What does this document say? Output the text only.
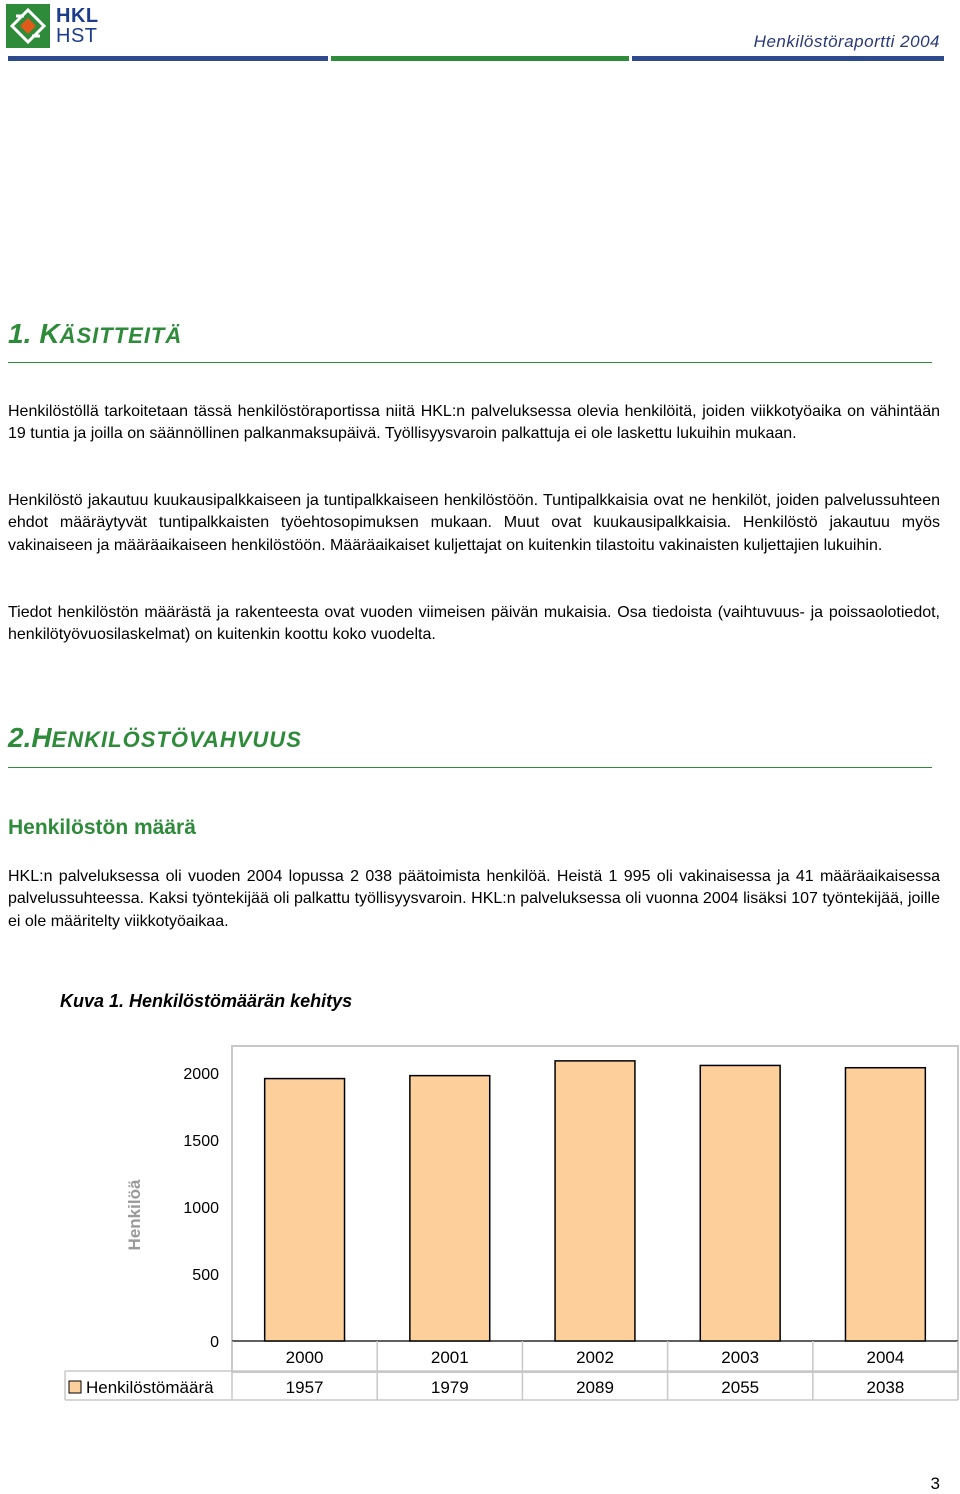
HKL
HST	Henkilöstöraportti 2004
1. KÄSITTEITÄ

Henkilöstöllä tarkoitetaan tässä henkilöstöraportissa niitä HKL:n palveluksessa olevia henkilöitä, joiden viikkotyöaika on vähintään 19 tuntia ja joilla on säännöllinen palkanmaksupäivä. Työllisyysvaroin palkattuja ei ole laskettu lukuihin mukaan.

Henkilöstö jakautuu kuukausipalkkaiseen ja tuntipalkkaiseen henkilöstöön. Tuntipalkkaisia ovat ne henkilöt, joiden palvelussuhteen ehdot määräytyvät tuntipalkkaisten työehtosopimuksen mukaan. Muut ovat kuukausipalkkaisia. Henkilöstö jakautuu myös vakinaiseen ja määräaikaiseen henkilöstöön. Määräaikaiset kuljettajat on kuitenkin tilastoitu vakinaisten kuljettajien lukuihin.

Tiedot henkilöstön määrästä ja rakenteesta ovat vuoden viimeisen päivän mukaisia. Osa tiedoista (vaihtuvuus- ja poissaolotiedot, henkilötyövuosilaskelmat) on kuitenkin koottu koko vuodelta.

2.HENKILÖSTÖVAHVUUS
Henkilöstön määrä

HKL:n palveluksessa oli vuoden 2004 lopussa 2 038 päätoimista henkilöä. Heistä 1 995 oli vakinaisessa ja 41 määräaikaisessa palvelussuhteessa. Kaksi työntekijää oli palkattu työllisyysvaroin. HKL:n palveluksessa oli vuonna 2004 lisäksi 107 työntekijää, joille ei ole määritelty viikkotyöaikaa.

Kuva 1. Henkilöstömäärän kehitys
0
500
1000
1500
2000
Henkilöä
2000
1957
2001
1979
2002
2089
2003
2055
2004
2038
Henkilöstömäärä
3
